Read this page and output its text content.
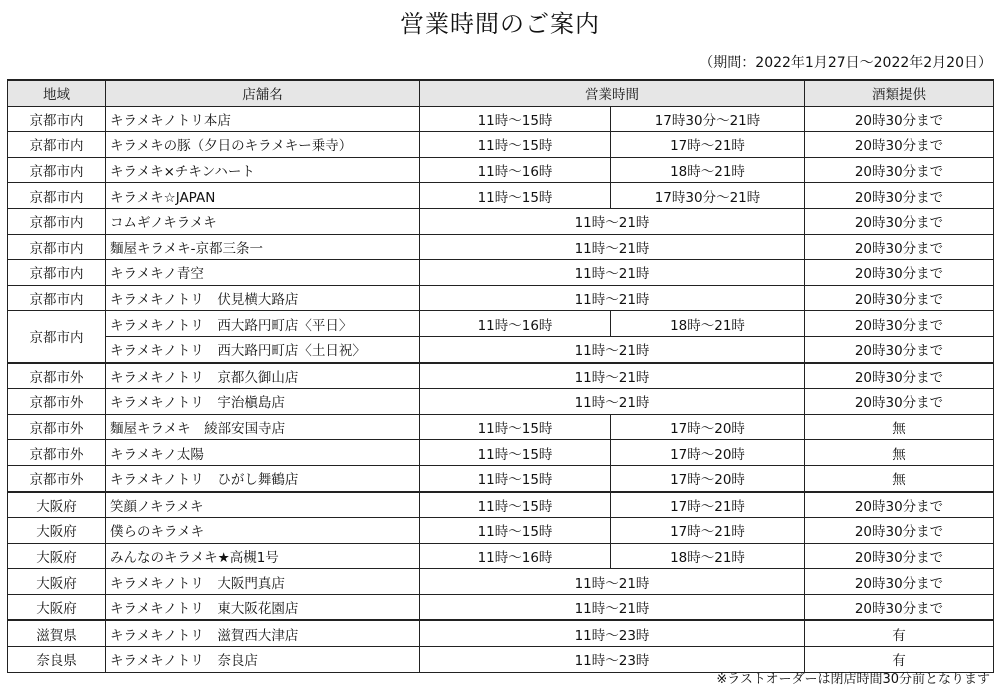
営業時間のご案内
（期間：2022年1月27日～2022年2月20日）
地域	店舗名	営業時間		酒類提供
京都市内	キラメキノトリ本店	11時～15時	17時30分～21時	20時30分まで
京都市内	キラメキの豚（夕日のキラメキー乗寺）	11時～15時	17時～21時	20時30分まで
京都市内	キラメキ×チキンハート	11時～16時	18時～21時	20時30分まで
京都市内	キラメキ☆JAPAN	11時～15時	17時30分～21時	20時30分まで
京都市内	コムギノキラメキ	11時～21時		20時30分まで
京都市内	麵屋キラメキ-京都三条一	11時～21時		20時30分まで
京都市内	キラメキノ青空	11時～21時		20時30分まで
京都市内	キラメキノトリ　伏見横大路店	11時～21時		20時30分まで
京都市内	キラメキノトリ　西大路円町店〈平日〉	11時～16時	18時～21時	20時30分まで
	キラメキノトリ　西大路円町店〈土日祝〉	11時～21時		20時30分まで
京都市外	キラメキノトリ　京都久御山店	11時～21時		20時30分まで
京都市外	キラメキノトリ　宇治槇島店	11時～21時		20時30分まで
京都市外	麵屋キラメキ　綾部安国寺店	11時～15時	17時～20時	無
京都市外	キラメキノ太陽	11時～15時	17時～20時	無
京都市外	キラメキノトリ　ひがし舞鶴店	11時～15時	17時～20時	無
大阪府	笑顔ノキラメキ	11時～15時	17時～21時	20時30分まで
大阪府	僕らのキラメキ	11時～15時	17時～21時	20時30分まで
大阪府	みんなのキラメキ★高槻1号	11時～16時	18時～21時	20時30分まで
大阪府	キラメキノトリ　大阪門真店	11時～21時		20時30分まで
大阪府	キラメキノトリ　東大阪花園店	11時～21時		20時30分まで
滋賀県	キラメキノトリ　滋賀西大津店	11時～23時		有
奈良県	キラメキノトリ　奈良店	11時～23時		有
※ラストオーダーは閉店時間30分前となります
